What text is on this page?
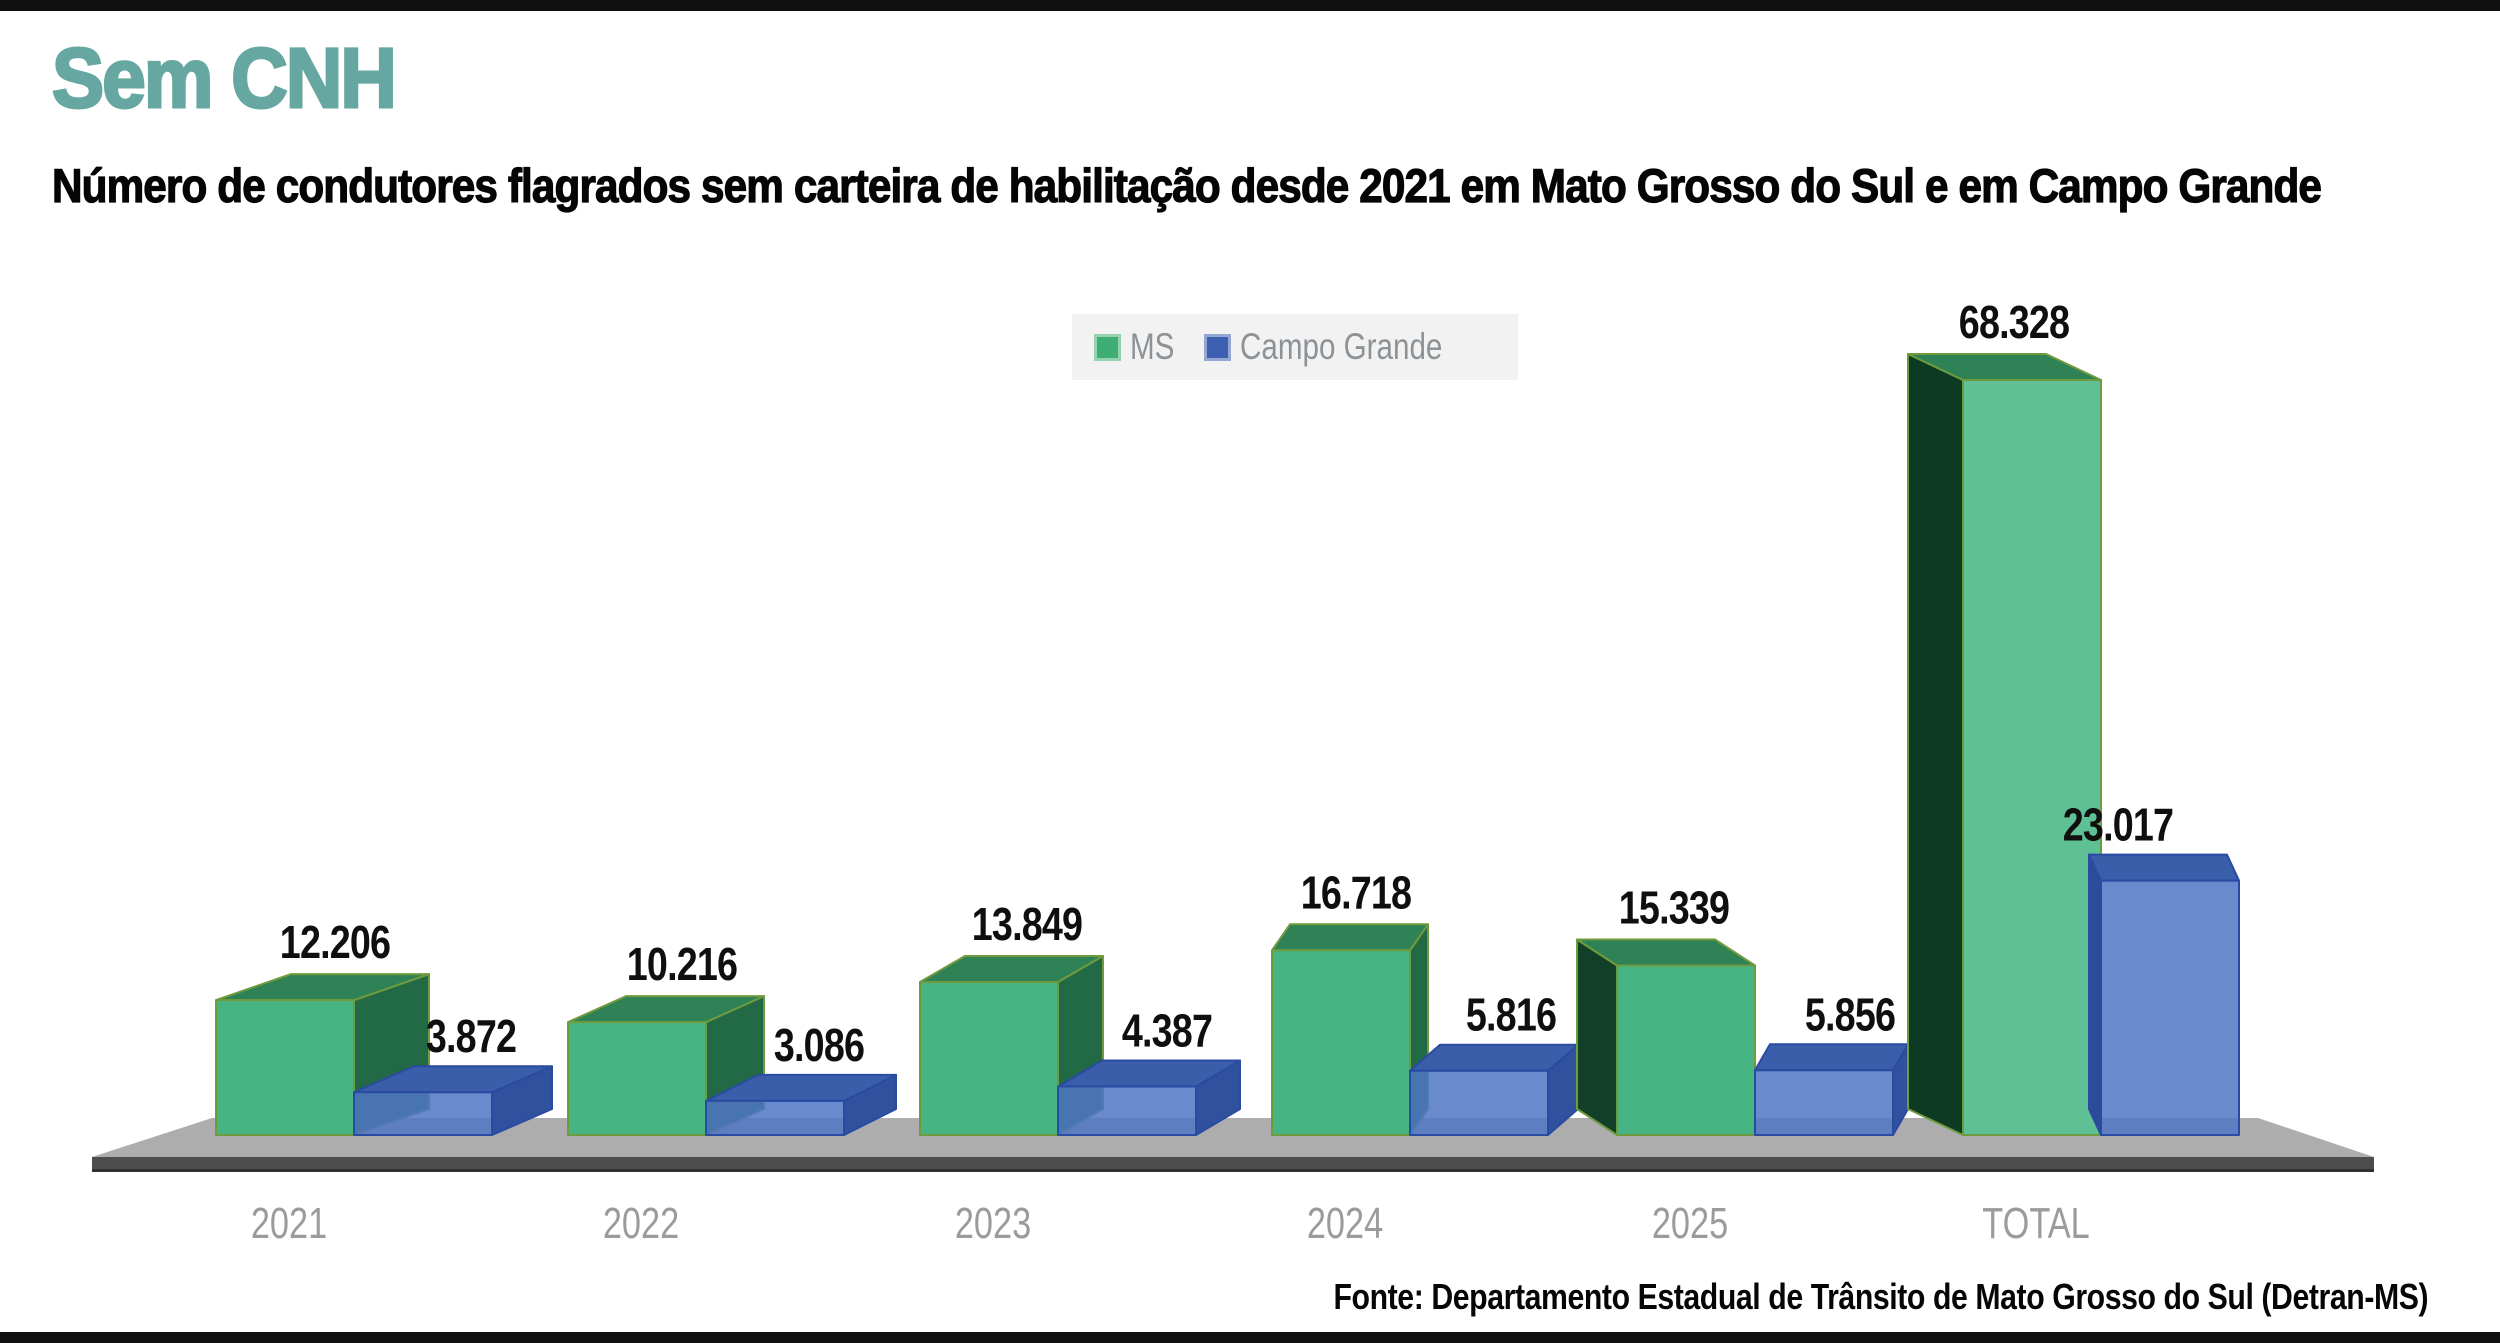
12.206
3.872
2021
10.216
3.086
2022
13.849
4.387
2023
16.718
5.816
2024
15.339
5.856
2025
68.328
23.017
TOTAL
Sem CNH
Número de condutores flagrados sem carteira de habilitação desde 2021 em Mato Grosso do Sul e em Campo Grande
MS Campo Grande
Fonte: Departamento Estadual de Trânsito de Mato Grosso do Sul (Detran-MS)
